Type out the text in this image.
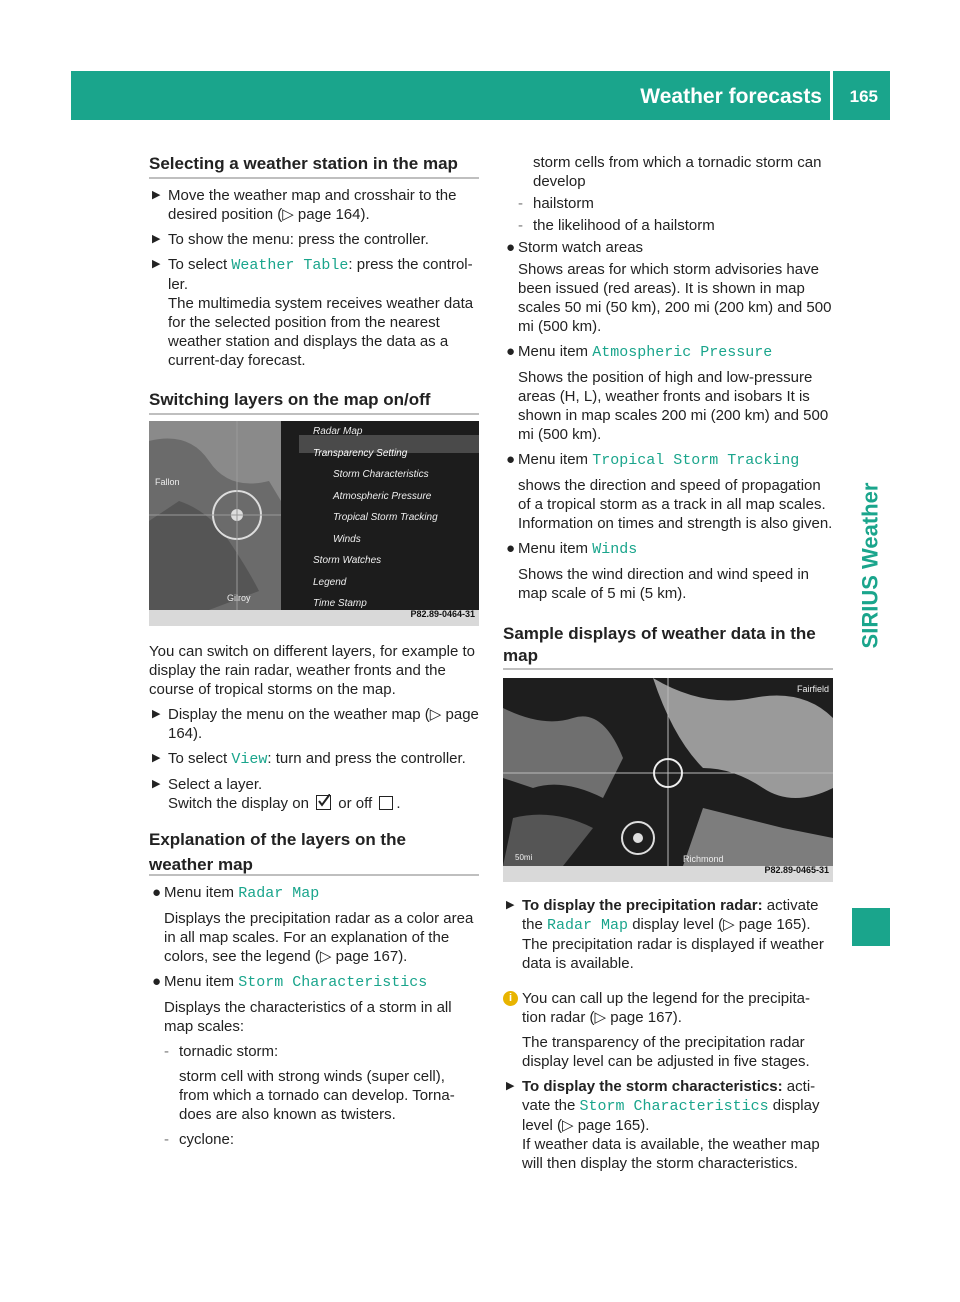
Weather forecasts 165
SIRIUS Weather
Selecting a weather station in the map
▶ Move the weather map and crosshair to the desired position (▷ page 164).
▶ To show the menu: press the controller.
▶ To select Weather Table: press the control- ler.
The multimedia system receives weather data for the selected position from the nearest weather station and displays the data as a current-day forecast.
Switching layers on the map on/off
Radar Map
Transparency Setting
Storm Characteristics
Atmospheric Pressure
Tropical Storm Tracking
Winds
Storm Watches
Legend
Time Stamp
Fallon
Gilroy
P82.89-0464-31
You can switch on different layers, for example to display the rain radar, weather fronts and the course of tropical storms on the map.
▶ Display the menu on the weather map (▷ page 164).
▶ To select View: turn and press the controller.
▶ Select a layer.
Switch the display on
or off .
Explanation of the layers on the
weather map
● Menu item Radar Map
Displays the precipitation radar as a color area in all map scales. For an explanation of the colors, see the legend (▷ page 167).
● Menu item Storm Characteristics
Displays the characteristics of a storm in all map scales:
- tornadic storm:
storm cell with strong winds (super cell), from which a tornado can develop. Torna- does are also known as twisters.
- cyclone:
storm cells from which a tornadic storm can develop
- hailstorm
- the likelihood of a hailstorm
● Storm watch areas
Shows areas for which storm advisories have been issued (red areas). It is shown in map scales 50 mi (50 km), 200 mi (200 km) and 500 mi (500 km).
● Menu item Atmospheric Pressure
Shows the position of high and low-pressure areas (H, L), weather fronts and isobars It is shown in map scales 200 mi (200 km) and 500 mi (500 km).
● Menu item Tropical Storm Tracking
shows the direction and speed of propagation of a tropical storm as a track in all map scales. Information on times and strength is also given.
● Menu item Winds
Shows the wind direction and wind speed in map scale of 5 mi (5 km).
Sample displays of weather data in the
map
Fairfield
Richmond
50mi
P82.89-0465-31
▶ To display the precipitation radar: activate the Radar Map display level (▷ page 165).
The precipitation radar is displayed if weather data is available.
i You can call up the legend for the precipita- tion radar (▷ page 167).
The transparency of the precipitation radar display level can be adjusted in five stages.
▶ To display the storm characteristics: acti- vate the Storm Characteristics display level (▷ page 165).
If weather data is available, the weather map will then display the storm characteristics.
